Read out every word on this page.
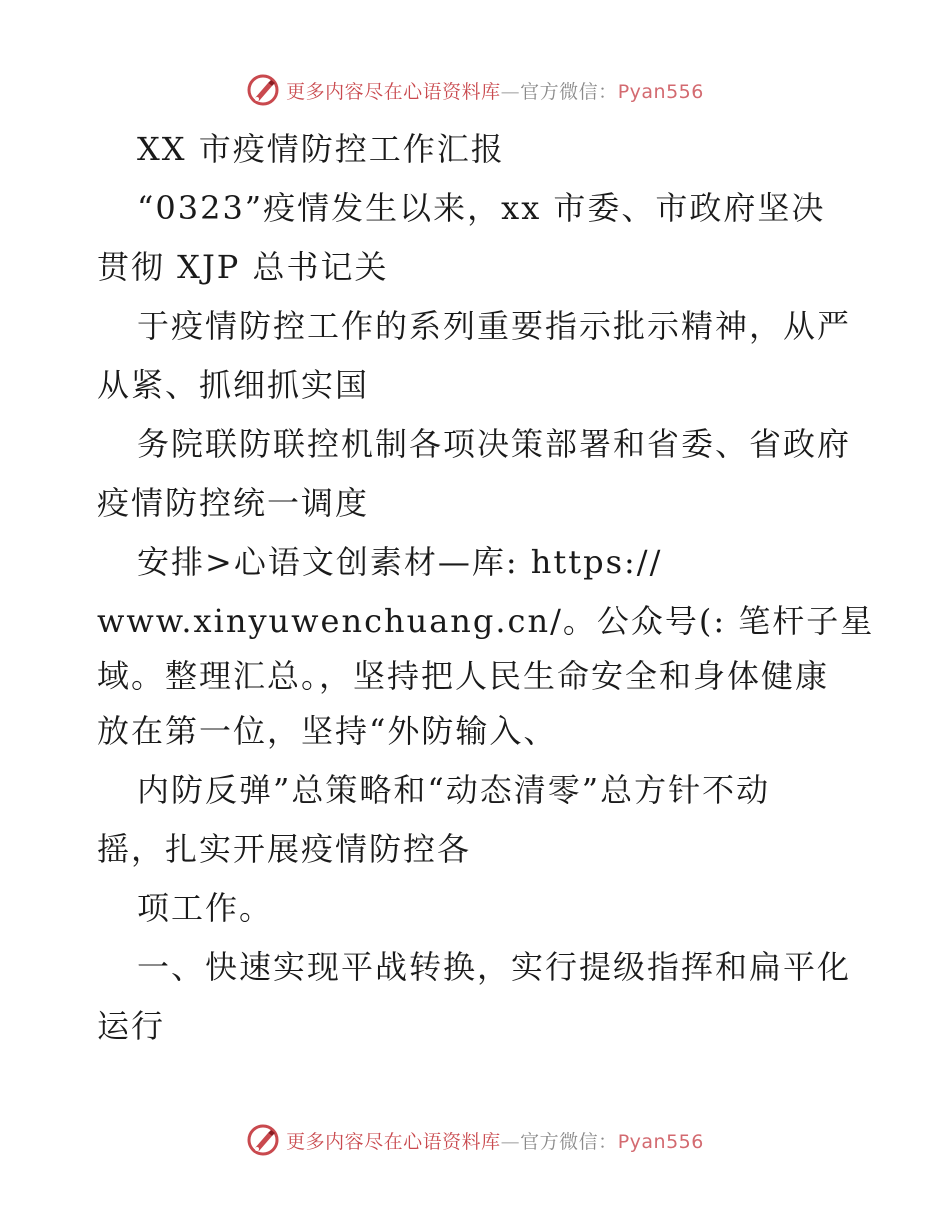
更多内容尽在心语资料库—官方微信：Pyan556
XX 市疫情防控工作汇报
“0323”疫情发生以来，xx 市委、市政府坚决
贯彻 XJP 总书记关
于疫情防控工作的系列重要指示批示精神，从严
从紧、抓细抓实国
务院联防联控机制各项决策部署和省委、省政府
疫情防控统一调度
安排>心语文创素材—库: https://
www.xinyuwenchuang.cn/。公众号(: 笔杆子星
域。整理汇总。，坚持把人民生命安全和身体健康
放在第一位，坚持“外防输入、
内防反弹”总策略和“动态清零”总方针不动
摇，扎实开展疫情防控各
项工作。
一、快速实现平战转换，实行提级指挥和扁平化
运行
更多内容尽在心语资料库—官方微信：Pyan556
